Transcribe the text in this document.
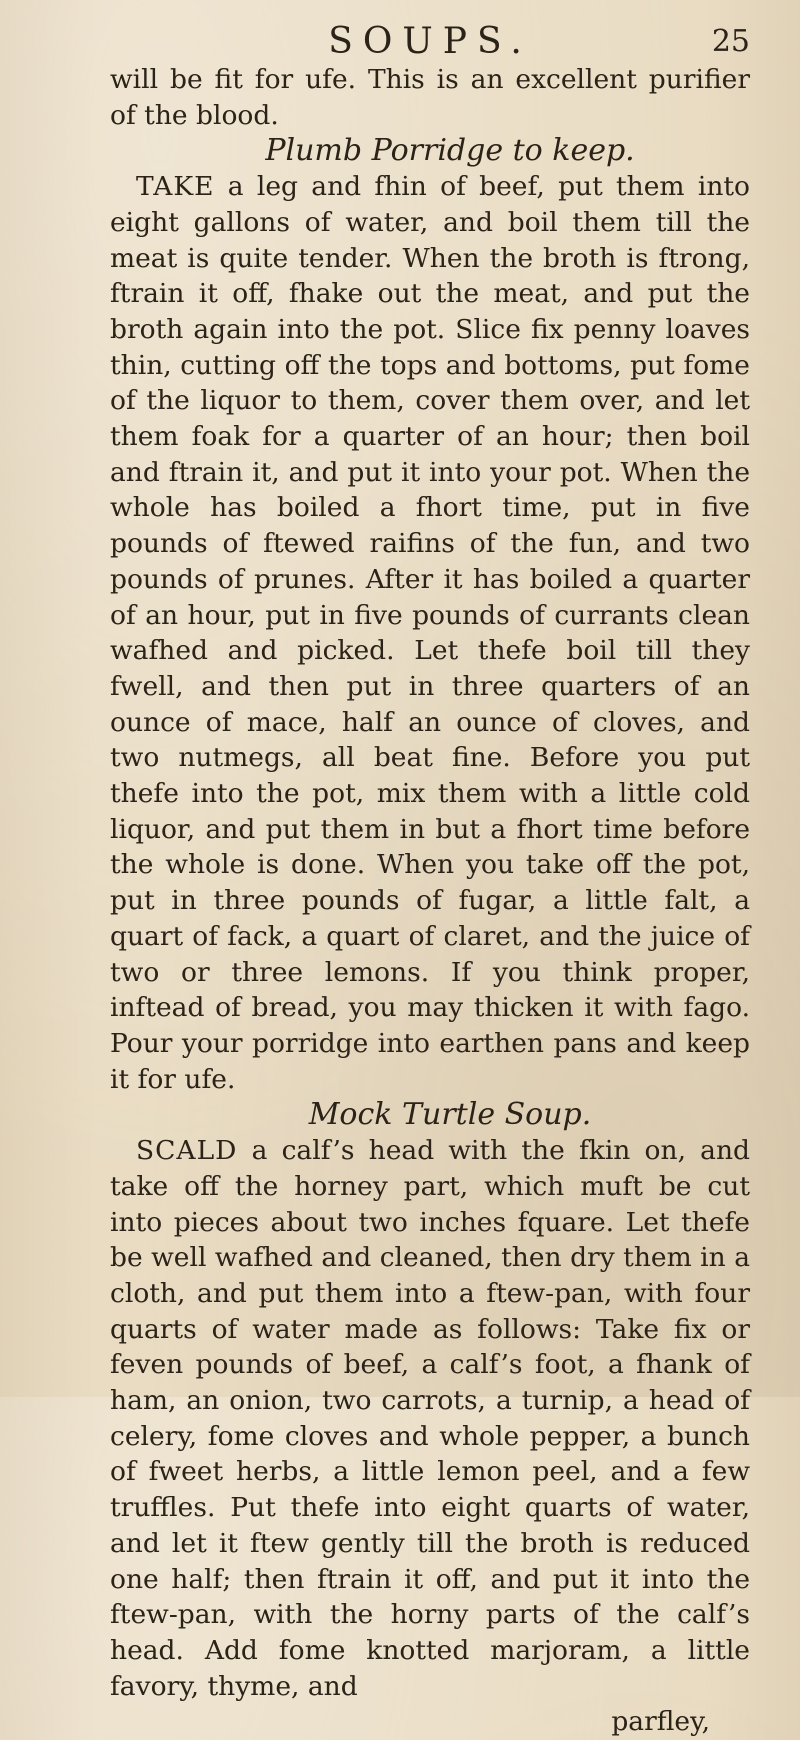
SOUPS.	25

will be fit for ufe. This is an excellent purifier of the blood.

Plumb Porridge to keep.

TAKE a leg and fhin of beef, put them into eight gallons of water, and boil them till the meat is quite tender. When the broth is ftrong, ftrain it off, fhake out the meat, and put the broth again into the pot. Slice fix penny loaves thin, cutting off the tops and bottoms, put fome of the liquor to them, cover them over, and let them foak for a quarter of an hour; then boil and ftrain it, and put it into your pot. When the whole has boiled a fhort time, put in five pounds of ftewed raifins of the fun, and two pounds of prunes. After it has boiled a quarter of an hour, put in five pounds of currants clean wafhed and picked. Let thefe boil till they fwell, and then put in three quarters of an ounce of mace, half an ounce of cloves, and two nutmegs, all beat fine. Before you put thefe into the pot, mix them with a little cold liquor, and put them in but a fhort time before the whole is done. When you take off the pot, put in three pounds of fugar, a little falt, a quart of fack, a quart of claret, and the juice of two or three lemons. If you think proper, inftead of bread, you may thicken it with fago. Pour your porridge into earthen pans and keep it for ufe.

Mock Turtle Soup.

SCALD a calf’s head with the fkin on, and take off the horney part, which muft be cut into pieces about two inches fquare. Let thefe be well wafhed and cleaned, then dry them in a cloth, and put them into a ftew-pan, with four quarts of water made as follows: Take fix or feven pounds of beef, a calf’s foot, a fhank of ham, an onion, two carrots, a turnip, a head of celery, fome cloves and whole pepper, a bunch of fweet herbs, a little lemon peel, and a few truffles. Put thefe into eight quarts of water, and let it ftew gently till the broth is reduced one half; then ftrain it off, and put it into the ftew-pan, with the horny parts of the calf’s head. Add fome knotted marjoram, a little favory, thyme, and

parfley,
